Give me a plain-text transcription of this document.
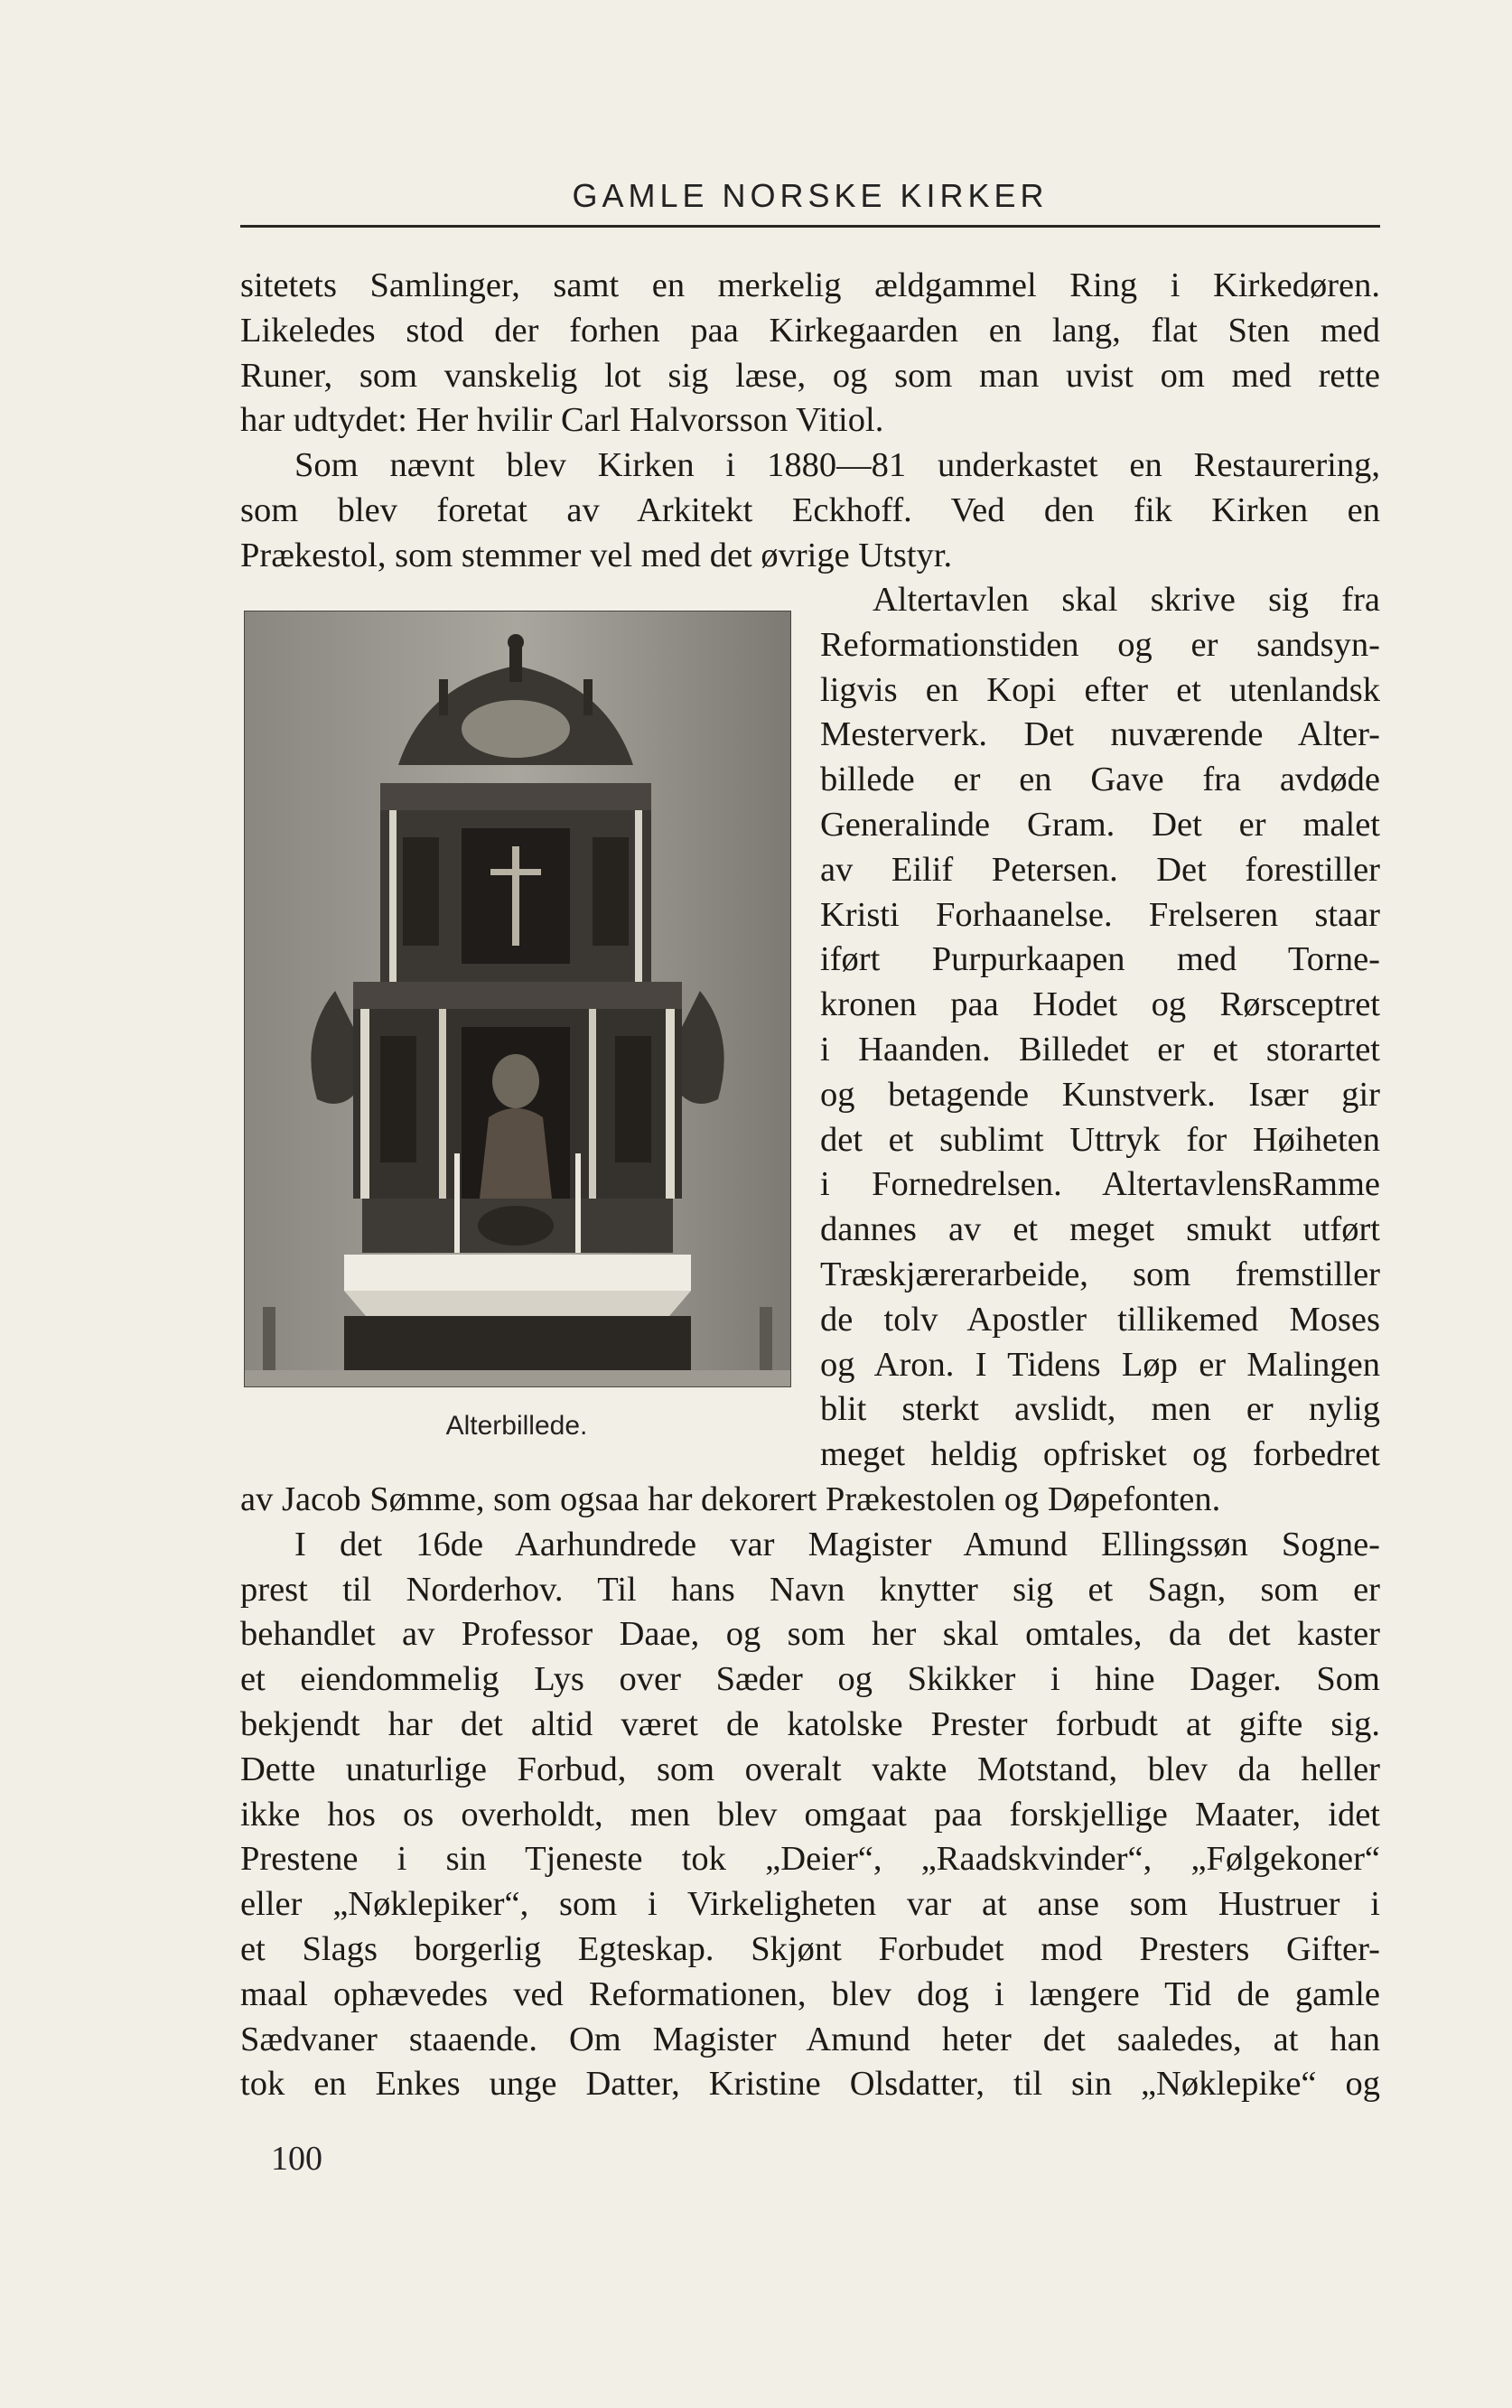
GAMLE NORSKE KIRKER
sitetets Samlinger, samt en merkelig ældgammel Ring i Kirkedøren.
Likeledes stod der forhen paa Kirkegaarden en lang, flat Sten med
Runer, som vanskelig lot sig læse, og som man uvist om med rette
har udtydet: Her hvilir Carl Halvorsson Vitiol.
Som nævnt blev Kirken i 1880—81 underkastet en Restaurering,
som blev foretat av Arkitekt Eckhoff. Ved den fik Kirken en
Prækestol, som stemmer vel med det øvrige Utstyr.
Alterbillede.
Altertavlen skal skrive sig fra
Reformationstiden og er sandsyn-
ligvis en Kopi efter et utenlandsk
Mesterverk. Det nuværende Alter-
billede er en Gave fra avdøde
Generalinde Gram. Det er malet
av Eilif Petersen. Det forestiller
Kristi Forhaanelse. Frelseren staar
iført Purpurkaapen med Torne-
kronen paa Hodet og Rørsceptret
i Haanden. Billedet er et storartet
og betagende Kunstverk. Især gir
det et sublimt Uttryk for Høiheten
i Fornedrelsen. AltertavlensRamme
dannes av et meget smukt utført
Træskjærerarbeide, som fremstiller
de tolv Apostler tillikemed Moses
og Aron. I Tidens Løp er Malingen
blit sterkt avslidt, men er nylig
meget heldig opfrisket og forbedret
av Jacob Sømme, som ogsaa har dekorert Prækestolen og Døpefonten.
I det 16de Aarhundrede var Magister Amund Ellingssøn Sogne-
prest til Norderhov. Til hans Navn knytter sig et Sagn, som er
behandlet av Professor Daae, og som her skal omtales, da det kaster
et eiendommelig Lys over Sæder og Skikker i hine Dager. Som
bekjendt har det altid været de katolske Prester forbudt at gifte sig.
Dette unaturlige Forbud, som overalt vakte Motstand, blev da heller
ikke hos os overholdt, men blev omgaat paa forskjellige Maater, idet
Prestene i sin Tjeneste tok „Deier“, „Raadskvinder“, „Følgekoner“
eller „Nøklepiker“, som i Virkeligheten var at anse som Hustruer i
et Slags borgerlig Egteskap. Skjønt Forbudet mod Presters Gifter-
maal ophævedes ved Reformationen, blev dog i længere Tid de gamle
Sædvaner staaende. Om Magister Amund heter det saaledes, at han
tok en Enkes unge Datter, Kristine Olsdatter, til sin „Nøklepike“ og
100
